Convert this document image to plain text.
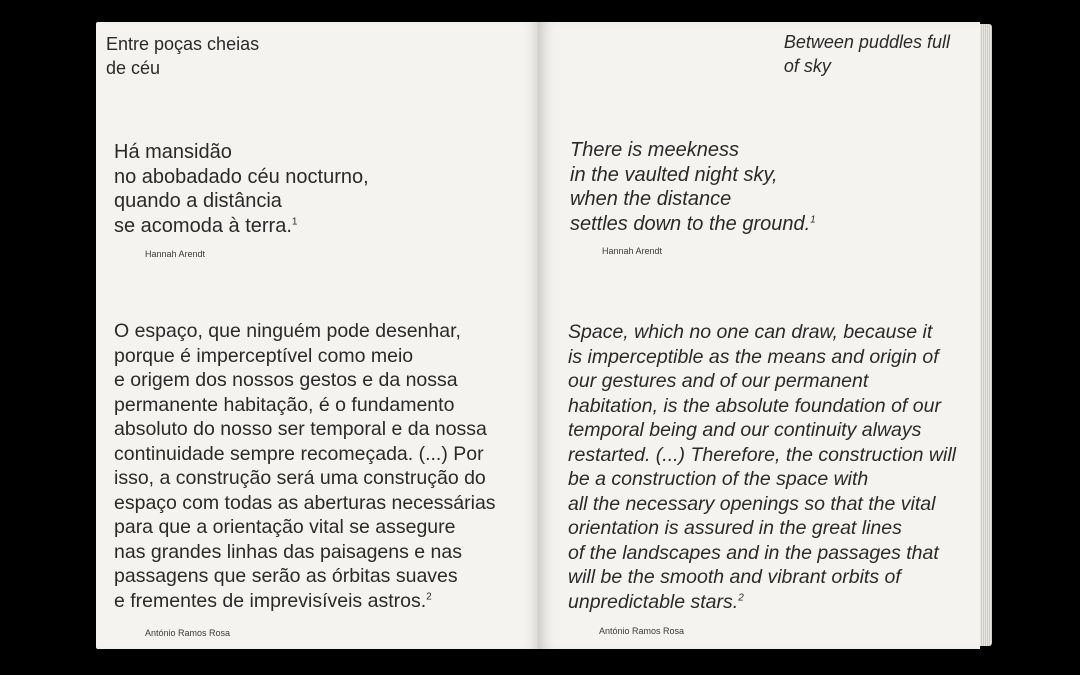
Entre poças cheias
de céu
Há mansidão
no abobadado céu nocturno,
quando a distância
se acomoda à terra.$^1$
Hannah Arendt
O espaço, que ninguém pode desenhar,
porque é imperceptível como meio
e origem dos nossos gestos e da nossa
permanente habitação, é o fundamento
absoluto do nosso ser temporal e da nossa
continuidade sempre recomeçada. (...) Por
isso, a construção será uma construção do
espaço com todas as aberturas necessárias
para que a orientação vital se assegure
nas grandes linhas das paisagens e nas
passagens que serão as órbitas suaves
e frementes de imprevisíveis astros.$^2$
António Ramos Rosa
Between puddles full
of sky
There is meekness
in the vaulted night sky,
when the distance
settles down to the ground.$^1$
Hannah Arendt
Space, which no one can draw, because it
is imperceptible as the means and origin of
our gestures and of our permanent
habitation, is the absolute foundation of our
temporal being and our continuity always
restarted. (...) Therefore, the construction will
be a construction of the space with
all the necessary openings so that the vital
orientation is assured in the great lines
of the landscapes and in the passages that
will be the smooth and vibrant orbits of
unpredictable stars.$^2$
António Ramos Rosa
